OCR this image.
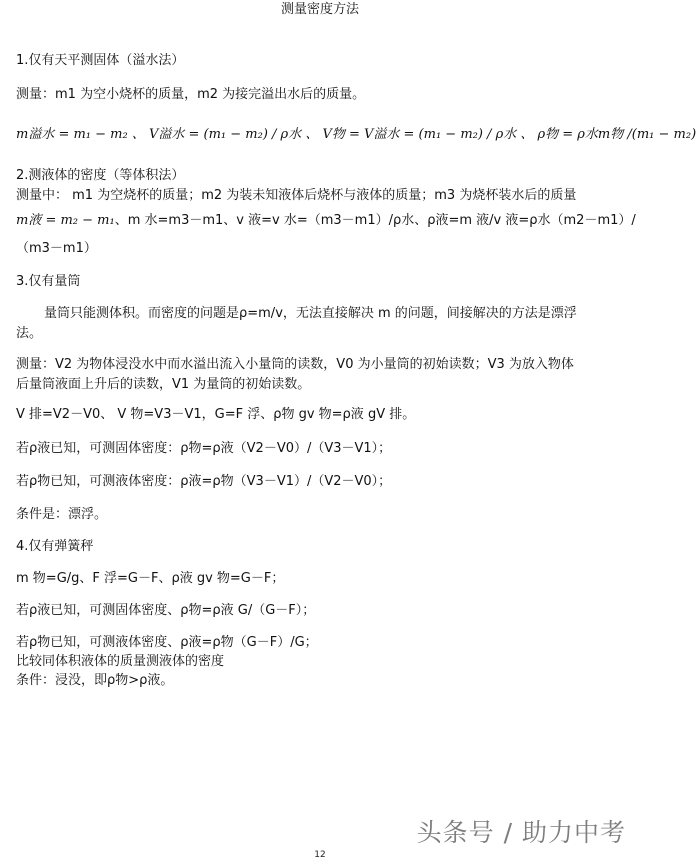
测量密度方法
1.仅有天平测固体（溢水法）
测量：m1 为空小烧杯的质量，m2 为接完溢出水后的质量。
m溢水 = m₁ − m₂ 、 V溢水 = (m₁ − m₂) / ρ水 、 V物 = V溢水 = (m₁ − m₂) / ρ水 、 ρ物 = ρ水m物 /(m₁ − m₂)
2.测液体的密度（等体积法）
测量中： m1 为空烧杯的质量；m2 为装未知液体后烧杯与液体的质量；m3 为烧杯装水后的质量
m液 = m₂ − m₁、m 水=m3－m1、v 液=v 水=（m3－m1）/ρ水、ρ液=m 液/v 液=ρ水（m2－m1）/
（m3－m1）
3.仅有量筒
量筒只能测体积。而密度的问题是ρ=m/v，无法直接解决 m 的问题，间接解决的方法是漂浮
法。
测量：V2 为物体浸没水中而水溢出流入小量筒的读数，V0 为小量筒的初始读数；V3 为放入物体
后量筒液面上升后的读数，V1 为量筒的初始读数。
V 排=V2－V0、 V 物=V3－V1，G=F 浮、ρ物 gv 物=ρ液 gV 排。
若ρ液已知，可测固体密度：ρ物=ρ液（V2－V0）/（V3－V1）；
若ρ物已知，可测液体密度：ρ液=ρ物（V3－V1）/（V2－V0）；
条件是：漂浮。
4.仅有弹簧秤
m 物=G/g、F 浮=G－F、ρ液 gv 物=G－F；
若ρ液已知，可测固体密度、ρ物=ρ液 G/（G－F）；
若ρ物已知，可测液体密度、ρ液=ρ物（G－F）/G；
比较同体积液体的质量测液体的密度
条件：浸没，即ρ物>ρ液。
头条号 / 助力中考
12
